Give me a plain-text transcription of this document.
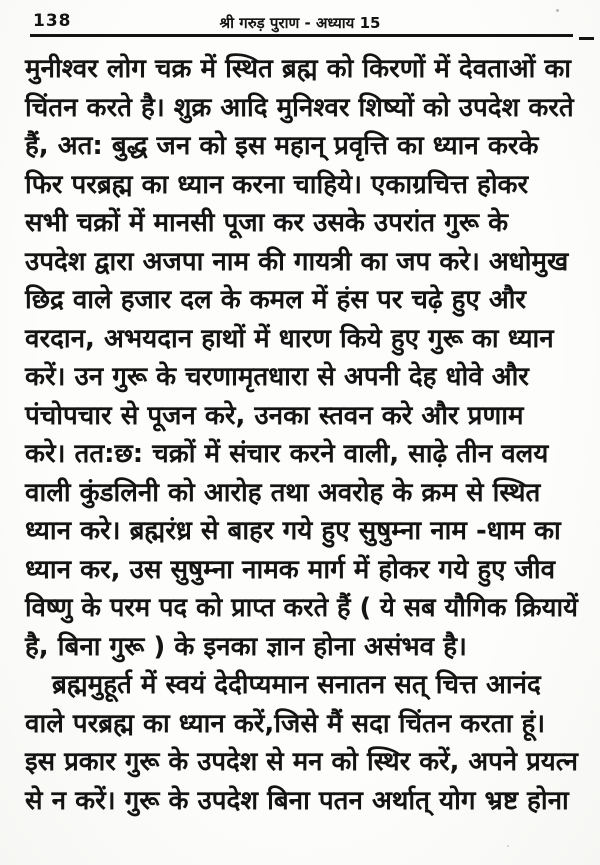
138	श्री गरुड़ पुराण - अध्याय 15
मुनीश्वर लोग चक्र में स्थित ब्रह्म को किरणों में देवताओं का
चिंतन करते है। शुक्र आदि मुनिश्वर शिष्यों को उपदेश करते
हैं, अत: बुद्ध जन को इस महान् प्रवृत्ति का ध्यान करके
फिर परब्रह्म का ध्यान करना चाहिये। एकाग्रचित्त होकर
सभी चक्रों में मानसी पूजा कर उसके उपरांत गुरू के
उपदेश द्वारा अजपा नाम की गायत्री का जप करे। अधोमुख
छिद्र वाले हजार दल के कमल में हंस पर चढ़े हुए और
वरदान, अभयदान हाथों में धारण किये हुए गुरू का ध्यान
करें। उन गुरू के चरणामृतधारा से अपनी देह धोवे और
पंचोपचार से पूजन करे, उनका स्तवन करे और प्रणाम
करे। तत:छ: चक्रों में संचार करने वाली, साढ़े तीन वलय
वाली कुंडलिनी को आरोह तथा अवरोह के क्रम से स्थित
ध्यान करे। ब्रह्मरंध्र से बाहर गये हुए सुषुम्ना नाम -धाम का
ध्यान कर, उस सुषुम्ना नामक मार्ग में होकर गये हुए जीव
विष्णु के परम पद को प्राप्त करते हैं ( ये सब यौगिक क्रियायें
है, बिना गुरू ) के इनका ज्ञान होना असंभव है।
ब्रह्ममुहूर्त में स्वयं देदीप्यमान सनातन सत् चित्त आनंद
वाले परब्रह्म का ध्यान करें,जिसे मैं सदा चिंतन करता हूं।
इस प्रकार गुरू के उपदेश से मन को स्थिर करें, अपने प्रयत्न
से न करें। गुरू के उपदेश बिना पतन अर्थात् योग भ्रष्ट होना
